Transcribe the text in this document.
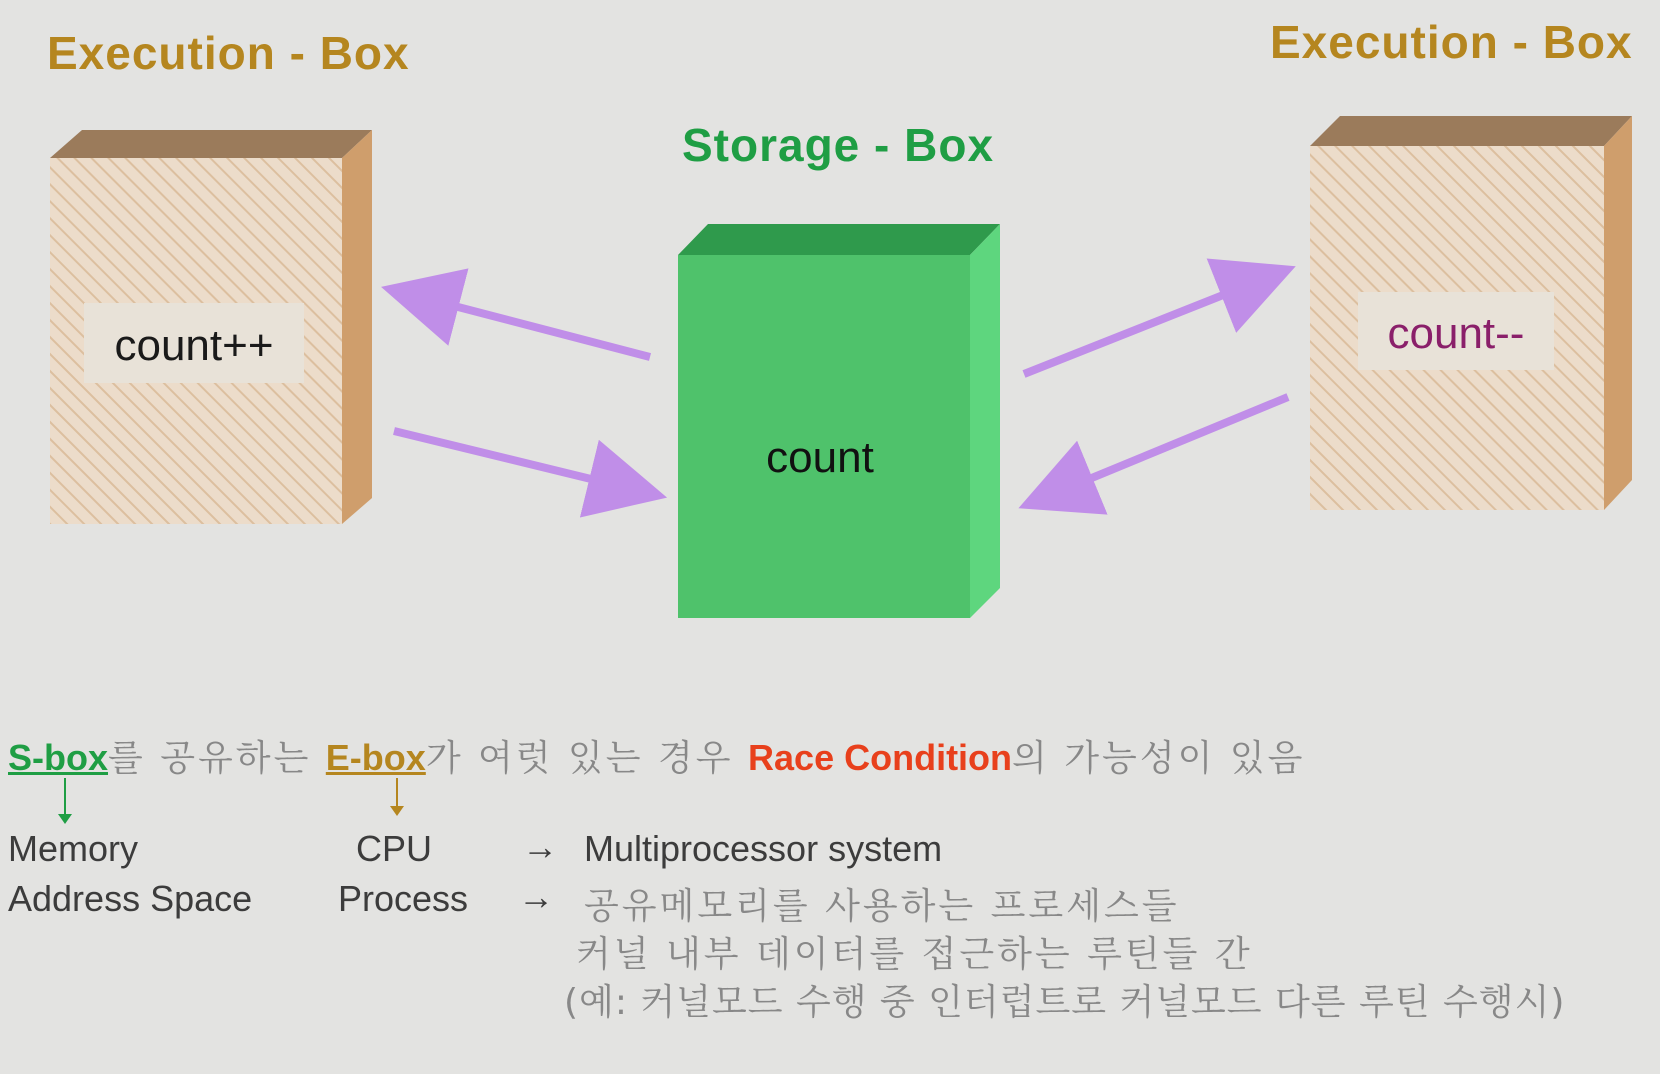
Execution - Box	Execution - Box
Storage - Box
count++
count
count--
S-box를 공유하는 E-box가 여럿 있는 경우 Race Condition의 가능성이 있음
Memory	CPU → Multiprocessor system
Address Space Process → 공유메모리를 사용하는 프로세스들
커널 내부 데이터를 접근하는 루틴들 간
(예: 커널모드 수행 중 인터럽트로 커널모드 다른 루틴 수행시)
